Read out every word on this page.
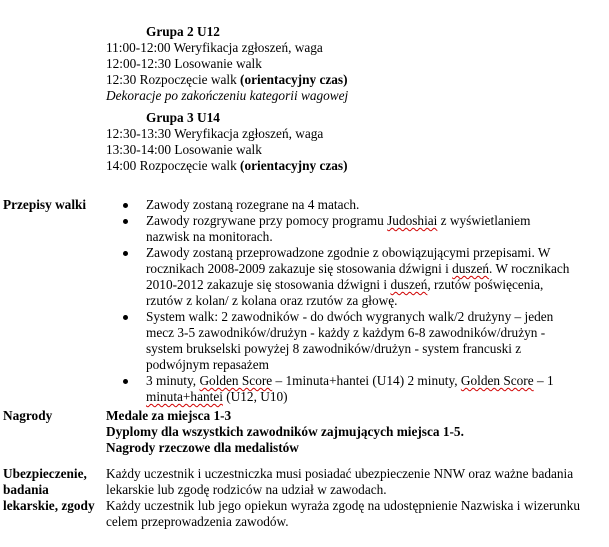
Grupa 2 U12
11:00-12:00 Weryfikacja zgłoszeń, waga
12:00-12:30 Losowanie walk
12:30 Rozpoczęcie walk (orientacyjny czas)
Dekoracje po zakończeniu kategorii wagowej
Grupa 3 U14
12:30-13:30 Weryfikacja zgłoszeń, waga
13:30-14:00 Losowanie walk
14:00 Rozpoczęcie walk (orientacyjny czas)
Przepisy walki	Zawody zostaną rozegrane na 4 matach.
Zawody rozgrywane przy pomocy programu Judoshiai z wyświetlaniem nazwisk na monitorach.
Zawody zostaną przeprowadzone zgodnie z obowiązującymi przepisami. W rocznikach 2008-2009 zakazuje się stosowania dźwigni i duszeń. W rocznikach 2010-2012 zakazuje się stosowania dźwigni i duszeń, rzutów poświęcenia, rzutów z kolan/ z kolana oraz rzutów za głowę.
System walk: 2 zawodników - do dwóch wygranych walk/2 drużyny – jeden mecz 3-5 zawodników/drużyn - każdy z każdym 6-8 zawodników/drużyn - system brukselski powyżej 8 zawodników/drużyn - system francuski z podwójnym repasażem
3 minuty, Golden Score – 1minuta+hantei (U14) 2 minuty, Golden Score – 1 minuta+hantei (U12, U10)
Nagrody	Medale za miejsca 1-3
Dyplomy dla wszystkich zawodników zajmujących miejsca 1-5.
Nagrody rzeczowe dla medalistów
Ubezpieczenie,
badania
lekarskie, zgody
Każdy uczestnik i uczestniczka musi posiadać ubezpieczenie NNW oraz ważne badania lekarskie lub zgodę rodziców na udział w zawodach.
Każdy uczestnik lub jego opiekun wyraża zgodę na udostępnienie Nazwiska i wizerunku celem przeprowadzenia zawodów.
